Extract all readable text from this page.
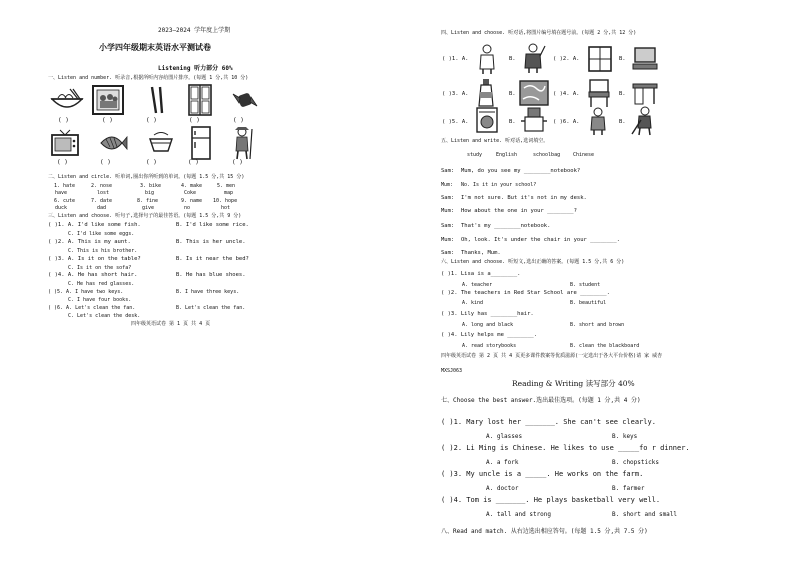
2023—2024 学年度上学期
小学四年级期末英语水平测试卷
Listening 听力部分 60%
一、Listen and number. 听录音,根据所听内容给图片排序。(每题 1 分,共 10 分)
( )	( )	( )	( )	( )
( )	( )	( )	( )	( )
二、Listen and circle. 听单词,圈出你所听到的单词。(每题 1.5 分,共 15 分)
1. hate	2. nose	3. bike	4. make	5. men
have	lost	big	Coke	map
6. cute	7. date	8. fine	9. name 10. hope
duck	dad	give	no	hot
三、Listen and choose. 听句子,选择句子的最佳答语。(每题 1.5 分,共 9 分)
( )1. A. I'd like some fish.	B. I'd like some rice.
C. I'd like some eggs.
( )2. A. This is my aunt.	B. This is her uncle.
C. This is his brother.
( )3. A. Is it on the table?	B. Is it near the bed?
C. Is it on the sofa?
( )4. A. He has short hair.	B. He has blue shoes.
C. He has red glasses.
( )5. A. I have two keys.	B. I have three keys.
C. I have four books.
( )6. A. Let's clean the fan.	B. Let's clean the fan.
C. Let's clean the desk.
四年级英语试卷 第 1 页 共 4 页
四、Listen and choose. 听对话,将图片编号填在题号前。(每题 2 分,共 12 分)
( )1. A.	B.	( )2. A.	B.
( )3. A.	B.	( )4. A.	B.
( )5. A.	B.	( )6. A.	B.
五、Listen and write. 听对话,选词填空。
study	English	schoolbag	Chinese
Sam: Mum, do you see my ________notebook?
Mum: No. Is it in your school?
Sam: I'm not sure. But it's not in my desk.
Mum: How about the one in your ________?
Sam: That's my ________notebook.
Mum: Oh, look. It's under the chair in your ________.
Sam: Thanks, Mum.
六、Listen and choose. 听短文,选出正确的答案。(每题 1.5 分,共 6 分)
( )1. Lisa is a________.
A. teacher	B. student
( )2. The teachers in Red Star School are ________.
A. kind	B. beautiful
( )3. Lily has ________hair.
A. long and black	B. short and brown
( )4. Lily helps me ________.
A. read storybooks	B. clean the blackboard
四年级英语试卷 第 2 页 共 4 页更多课件教案等优质滋源(一定选出于各大平台价格)请 家 威杏
MXSJ063
Reading & Writing 读写部分 40%
七、Choose the best answer.选出最佳选项。(每题 1 分,共 4 分)
( )1. Mary lost her _______. She can't see clearly.
A. glasses	B. keys
( )2. Li Ming is Chinese. He likes to use _____fo r dinner.
A. a fork	B. chopsticks
( )3. My uncle is a _____. He works on the farm.
A. doctor	B. farmer
( )4. Tom is _______. He plays basketball very well.
A. tall and strong	B. short and small
八、Read and match. 从右边选出相应答句。(每题 1.5 分,共 7.5 分)
